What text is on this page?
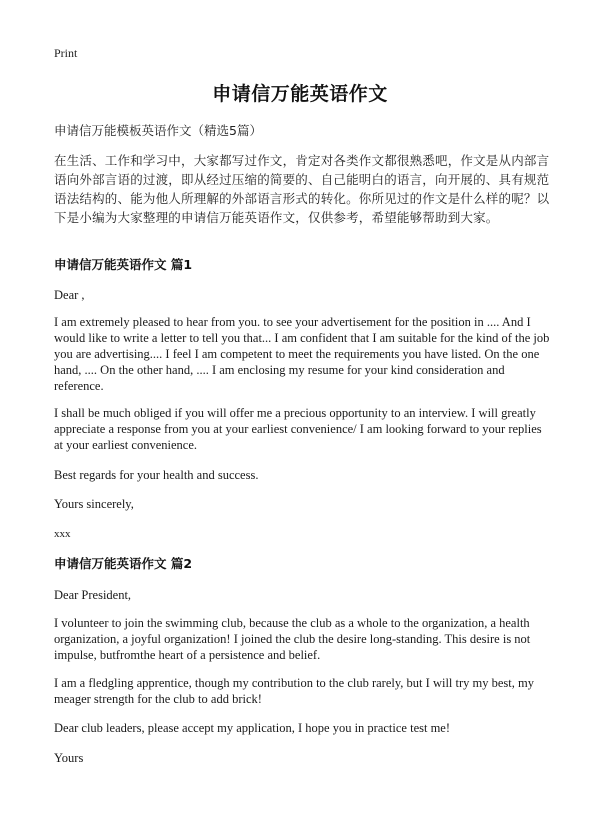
Print
申请信万能英语作文
申请信万能模板英语作文（精选5篇）
在生活、工作和学习中，大家都写过作文，肯定对各类作文都很熟悉吧，作文是从内部言语向外部言语的过渡，即从经过压缩的简要的、自己能明白的语言，向开展的、具有规范语法结构的、能为他人所理解的外部语言形式的转化。你所见过的作文是什么样的呢？以下是小编为大家整理的申请信万能英语作文，仅供参考，希望能够帮助到大家。
申请信万能英语作文 篇1
Dear ,
I am extremely pleased to hear from you. to see your advertisement for the position in .... And I would like to write a letter to tell you that... I am confident that I am suitable for the kind of the job you are advertising.... I feel I am competent to meet the requirements you have listed. On the one hand, .... On the other hand, .... I am enclosing my resume for your kind consideration and reference.
I shall be much obliged if you will offer me a precious opportunity to an interview. I will greatly appreciate a response from you at your earliest convenience/ I am looking forward to your replies at your earliest convenience.
Best regards for your health and success.
Yours sincerely,
xxx
申请信万能英语作文 篇2
Dear President,
I volunteer to join the swimming club, because the club as a whole to the organization, a health organization, a joyful organization! I joined the club the desire long-standing. This desire is not impulse, butfromthe heart of a persistence and belief.
I am a fledgling apprentice, though my contribution to the club rarely, but I will try my best, my meager strength for the club to add brick!
Dear club leaders, please accept my application, I hope you in practice test me!
Yours
